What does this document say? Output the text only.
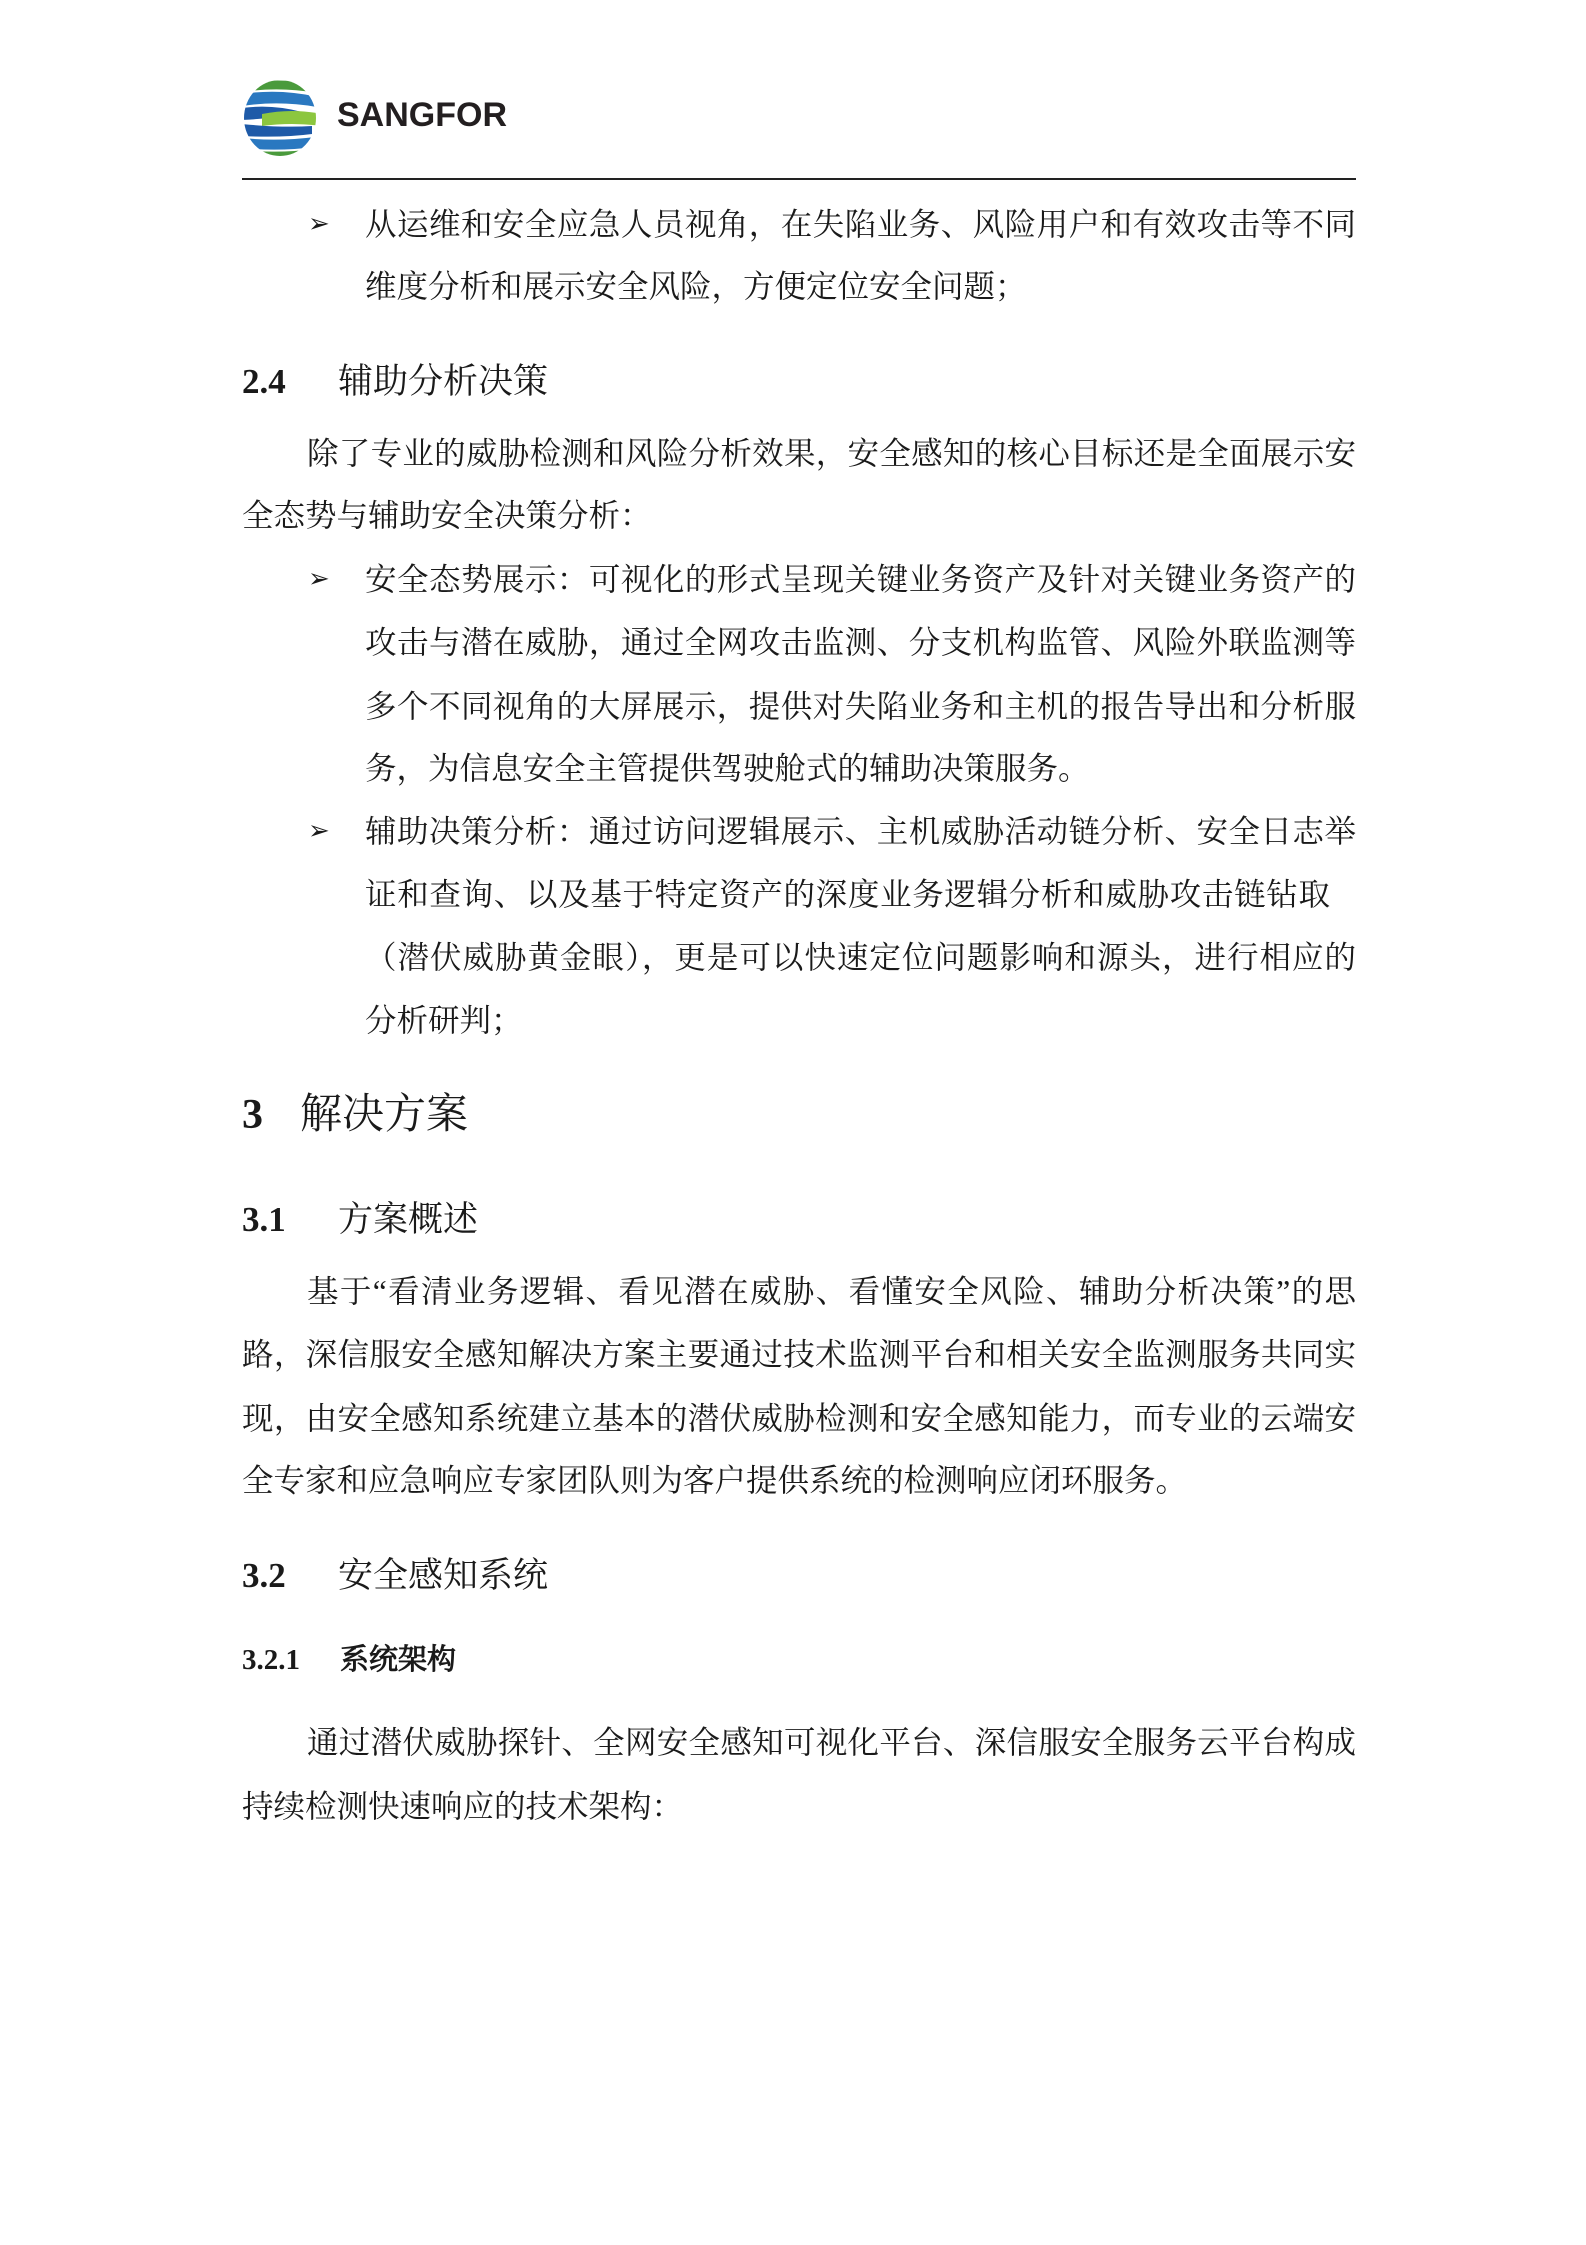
SANGFOR
➢ 从运维和安全应急人员视角，在失陷业务、风险用户和有效攻击等不同
维度分析和展示安全风险，方便定位安全问题；
2.4 辅助分析决策
除了专业的威胁检测和风险分析效果，安全感知的核心目标还是全面展示安
全态势与辅助安全决策分析：
➢ 安全态势展示：可视化的形式呈现关键业务资产及针对关键业务资产的
攻击与潜在威胁，通过全网攻击监测、分支机构监管、风险外联监测等
多个不同视角的大屏展示，提供对失陷业务和主机的报告导出和分析服
务，为信息安全主管提供驾驶舱式的辅助决策服务。
➢ 辅助决策分析：通过访问逻辑展示、主机威胁活动链分析、安全日志举
证和查询、以及基于特定资产的深度业务逻辑分析和威胁攻击链钻取
（潜伏威胁黄金眼），更是可以快速定位问题影响和源头，进行相应的
分析研判；
3 解决方案
3.1 方案概述
基于“看清业务逻辑、看见潜在威胁、看懂安全风险、辅助分析决策”的思
路，深信服安全感知解决方案主要通过技术监测平台和相关安全监测服务共同实
现，由安全感知系统建立基本的潜伏威胁检测和安全感知能力，而专业的云端安
全专家和应急响应专家团队则为客户提供系统的检测响应闭环服务。
3.2 安全感知系统
3.2.1 系统架构
通过潜伏威胁探针、全网安全感知可视化平台、深信服安全服务云平台构成
持续检测快速响应的技术架构：
